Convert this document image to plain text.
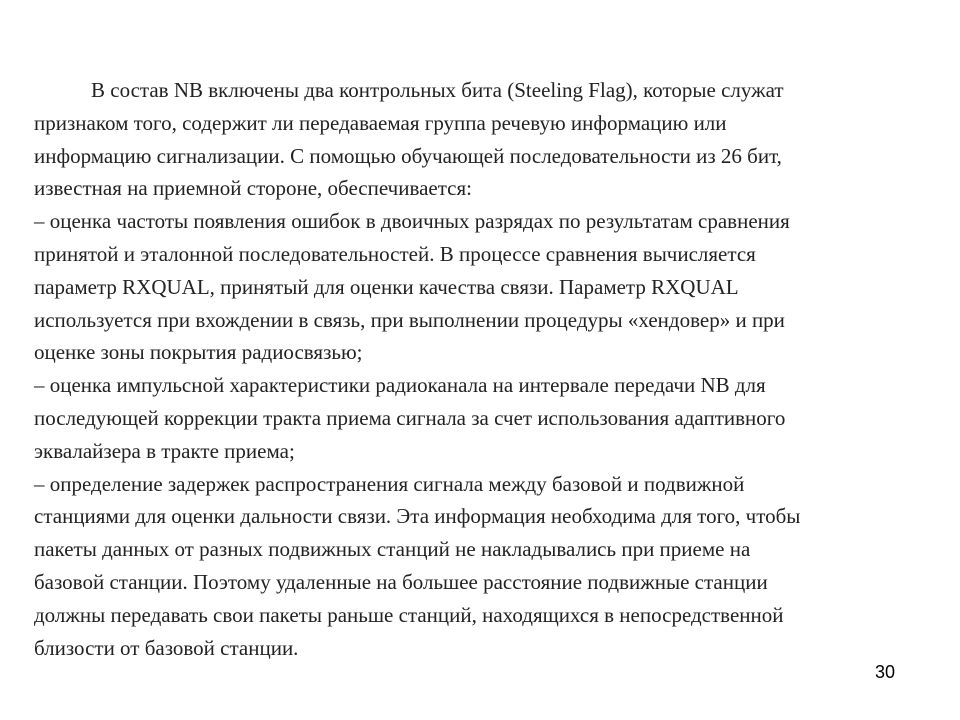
В состав NB включены два контрольных бита (Steeling Flag), которые служат
признаком того, содержит ли передаваемая группа речевую информацию или
информацию сигнализации. С помощью обучающей последовательности из 26 бит,
известная на приемной стороне, обеспечивается:
– оценка частоты появления ошибок в двоичных разрядах по результатам сравнения
принятой и эталонной последовательностей. В процессе сравнения вычисляется
параметр RXQUAL, принятый для оценки качества связи. Параметр RXQUAL
используется при вхождении в связь, при выполнении процедуры «хендовер» и при
оценке зоны покрытия радиосвязью;
– оценка импульсной характеристики радиоканала на интервале передачи NB для
последующей коррекции тракта приема сигнала за счет использования адаптивного
эквалайзера в тракте приема;
– определение задержек распространения сигнала между базовой и подвижной
станциями для оценки дальности связи. Эта информация необходима для того, чтобы
пакеты данных от разных подвижных станций не накладывались при приеме на
базовой станции. Поэтому удаленные на большее расстояние подвижные станции
должны передавать свои пакеты раньше станций, находящихся в непосредственной
близости от базовой станции.
30
